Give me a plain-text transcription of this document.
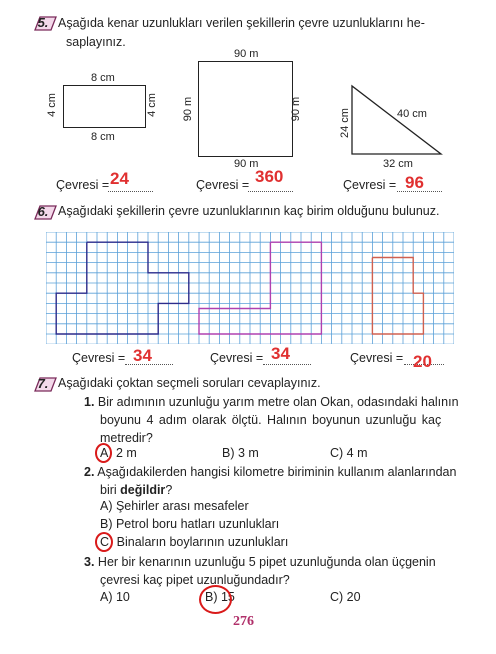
5. Aşağıda kenar uzunlukları verilen şekillerin çevre uzunluklarını he-
saplayınız.
8 cm
8 cm
4 cm	4 cm
90 m
90 m
90 m	90 m	40 cm
24 cm
32 cm
Çevresi = 24	Çevresi = 360	Çevresi = 96
6. Aşağıdaki şekillerin çevre uzunluklarının kaç birim olduğunu bulunuz.
Çevresi = 34	Çevresi = 34	Çevresi = 20
7. Aşağıdaki çoktan seçmeli soruları cevaplayınız.
1. Bir adımının uzunluğu yarım metre olan Okan, odasındaki halının
boyunu 4 adım olarak ölçtü. Halının boyunun uzunluğu kaç
metredir?
A) 2 m	B) 3 m	C) 4 m
2. Aşağıdakilerden hangisi kilometre biriminin kullanım alanlarından
biri değildir?
A) Şehirler arası mesafeler
B) Petrol boru hatları uzunlukları
C) Binaların boylarının uzunlukları
3. Her bir kenarının uzunluğu 5 pipet uzunluğunda olan üçgenin
çevresi kaç pipet uzunluğundadır?
A) 10	B) 15	C) 20
276
